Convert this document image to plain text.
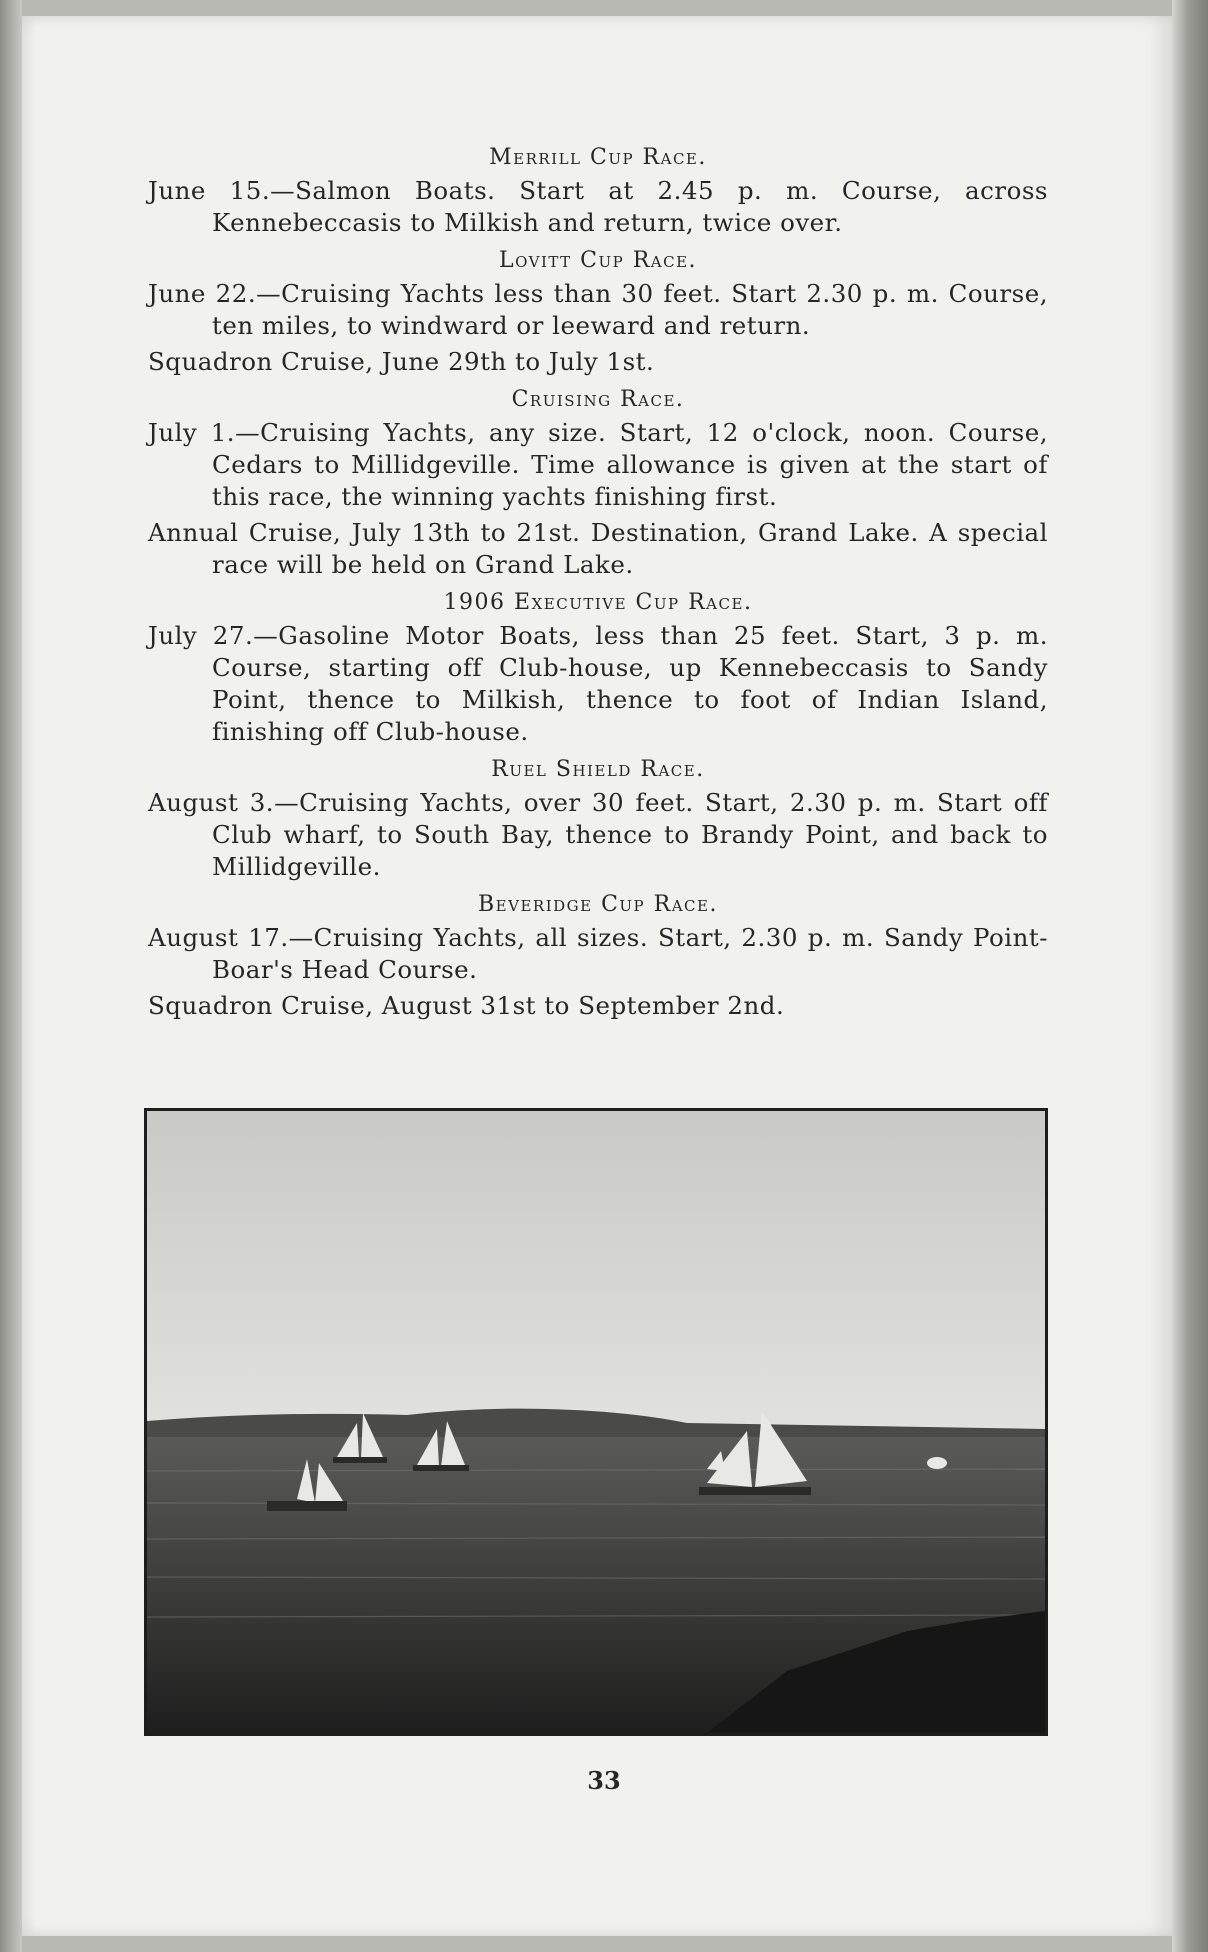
Merrill Cup Race.
June 15.—Salmon Boats. Start at 2.45 p. m. Course, across Kennebeccasis to Milkish and return, twice over.
Lovitt Cup Race.
June 22.—Cruising Yachts less than 30 feet. Start 2.30 p. m. Course, ten miles, to windward or leeward and return.
Squadron Cruise, June 29th to July 1st.
Cruising Race.
July 1.—Cruising Yachts, any size. Start, 12 o'clock, noon. Course, Cedars to Millidgeville. Time allowance is given at the start of this race, the winning yachts finishing first.
Annual Cruise, July 13th to 21st. Destination, Grand Lake. A special race will be held on Grand Lake.
1906 Executive Cup Race.
July 27.—Gasoline Motor Boats, less than 25 feet. Start, 3 p. m. Course, starting off Club-house, up Kennebeccasis to Sandy Point, thence to Milkish, thence to foot of Indian Island, finishing off Club-house.
Ruel Shield Race.
August 3.—Cruising Yachts, over 30 feet. Start, 2.30 p. m. Start off Club wharf, to South Bay, thence to Brandy Point, and back to Millidgeville.
Beveridge Cup Race.
August 17.—Cruising Yachts, all sizes. Start, 2.30 p. m. Sandy Point-Boar's Head Course.
Squadron Cruise, August 31st to September 2nd.
33
